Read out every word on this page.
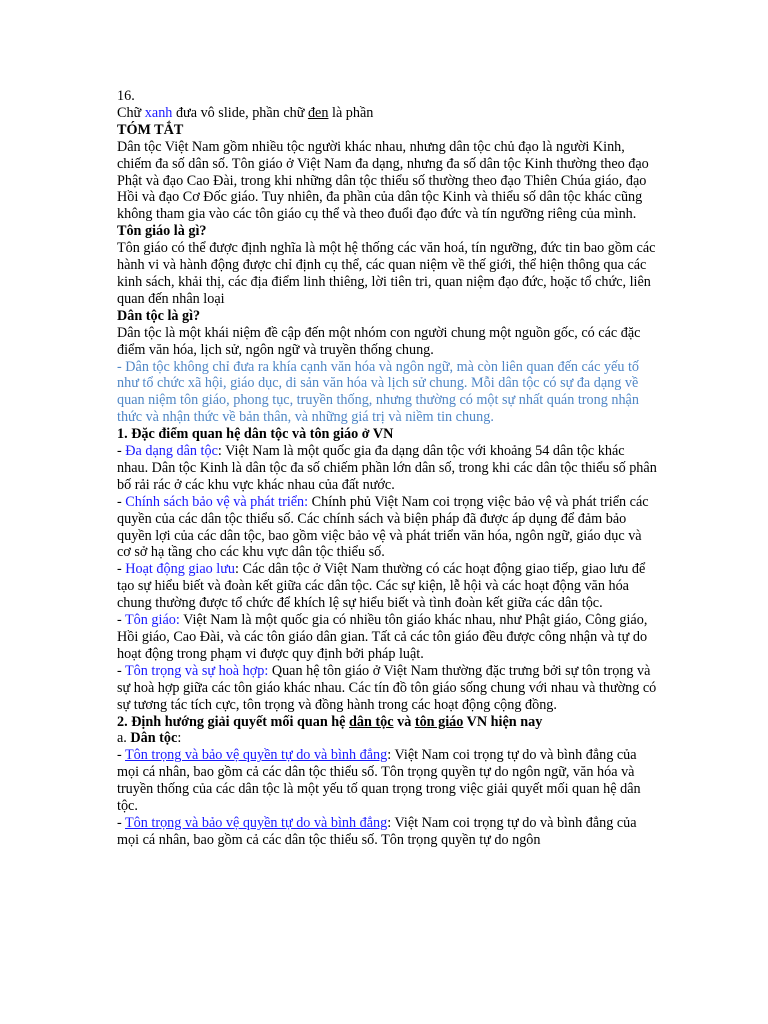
16.

Chữ xanh đưa vô slide, phần chữ đen là phần

TÓM TẮT

Dân tộc Việt Nam gồm nhiều tộc người khác nhau, nhưng dân tộc chủ đạo là người Kinh, chiếm đa số dân số. Tôn giáo ở Việt Nam đa dạng, nhưng đa số dân tộc Kinh thường theo đạo Phật và đạo Cao Đài, trong khi những dân tộc thiểu số thường theo đạo Thiên Chúa giáo, đạo Hồi và đạo Cơ Đốc giáo. Tuy nhiên, đa phần của dân tộc Kinh và thiểu số dân tộc khác cũng không tham gia vào các tôn giáo cụ thể và theo đuổi đạo đức và tín ngưỡng riêng của mình.

Tôn giáo là gì?

Tôn giáo có thể được định nghĩa là một hệ thống các văn hoá, tín ngưỡng, đức tin bao gồm các hành vi và hành động được chỉ định cụ thể, các quan niệm về thế giới, thể hiện thông qua các kinh sách, khải thị, các địa điểm linh thiêng, lời tiên tri, quan niệm đạo đức, hoặc tổ chức, liên quan đến nhân loại

Dân tộc là gì?

Dân tộc là một khái niệm đề cập đến một nhóm con người chung một nguồn gốc, có các đặc điểm văn hóa, lịch sử, ngôn ngữ và truyền thống chung.

- Dân tộc không chỉ đưa ra khía cạnh văn hóa và ngôn ngữ, mà còn liên quan đến các yếu tố như tổ chức xã hội, giáo dục, di sản văn hóa và lịch sử chung. Mỗi dân tộc có sự đa dạng về quan niệm tôn giáo, phong tục, truyền thống, nhưng thường có một sự nhất quán trong nhận thức và nhận thức về bản thân, và những giá trị và niềm tin chung.

1. Đặc điểm quan hệ dân tộc và tôn giáo ở VN

- Đa dạng dân tộc: Việt Nam là một quốc gia đa dạng dân tộc với khoảng 54 dân tộc khác nhau. Dân tộc Kinh là dân tộc đa số chiếm phần lớn dân số, trong khi các dân tộc thiểu số phân bố rải rác ở các khu vực khác nhau của đất nước.

- Chính sách bảo vệ và phát triển: Chính phủ Việt Nam coi trọng việc bảo vệ và phát triển các quyền của các dân tộc thiểu số. Các chính sách và biện pháp đã được áp dụng để đảm bảo quyền lợi của các dân tộc, bao gồm việc bảo vệ và phát triển văn hóa, ngôn ngữ, giáo dục và cơ sở hạ tầng cho các khu vực dân tộc thiểu số.

- Hoạt động giao lưu: Các dân tộc ở Việt Nam thường có các hoạt động giao tiếp, giao lưu để tạo sự hiểu biết và đoàn kết giữa các dân tộc. Các sự kiện, lễ hội và các hoạt động văn hóa chung thường được tổ chức để khích lệ sự hiểu biết và tình đoàn kết giữa các dân tộc.

- Tôn giáo: Việt Nam là một quốc gia có nhiều tôn giáo khác nhau, như Phật giáo, Công giáo, Hồi giáo, Cao Đài, và các tôn giáo dân gian. Tất cả các tôn giáo đều được công nhận và tự do hoạt động trong phạm vi được quy định bởi pháp luật.

- Tôn trọng và sự hoà hợp: Quan hệ tôn giáo ở Việt Nam thường đặc trưng bởi sự tôn trọng và sự hoà hợp giữa các tôn giáo khác nhau. Các tín đồ tôn giáo sống chung với nhau và thường có sự tương tác tích cực, tôn trọng và đồng hành trong các hoạt động cộng đồng.

2. Định hướng giải quyết mối quan hệ dân tộc và tôn giáo VN hiện nay

a. Dân tộc:

- Tôn trọng và bảo vệ quyền tự do và bình đẳng: Việt Nam coi trọng tự do và bình đẳng của mọi cá nhân, bao gồm cả các dân tộc thiểu số. Tôn trọng quyền tự do ngôn ngữ, văn hóa và truyền thống của các dân tộc là một yếu tố quan trọng trong việc giải quyết mối quan hệ dân tộc.

- Tôn trọng và bảo vệ quyền tự do và bình đẳng: Việt Nam coi trọng tự do và bình đẳng của mọi cá nhân, bao gồm cả các dân tộc thiểu số. Tôn trọng quyền tự do ngôn
